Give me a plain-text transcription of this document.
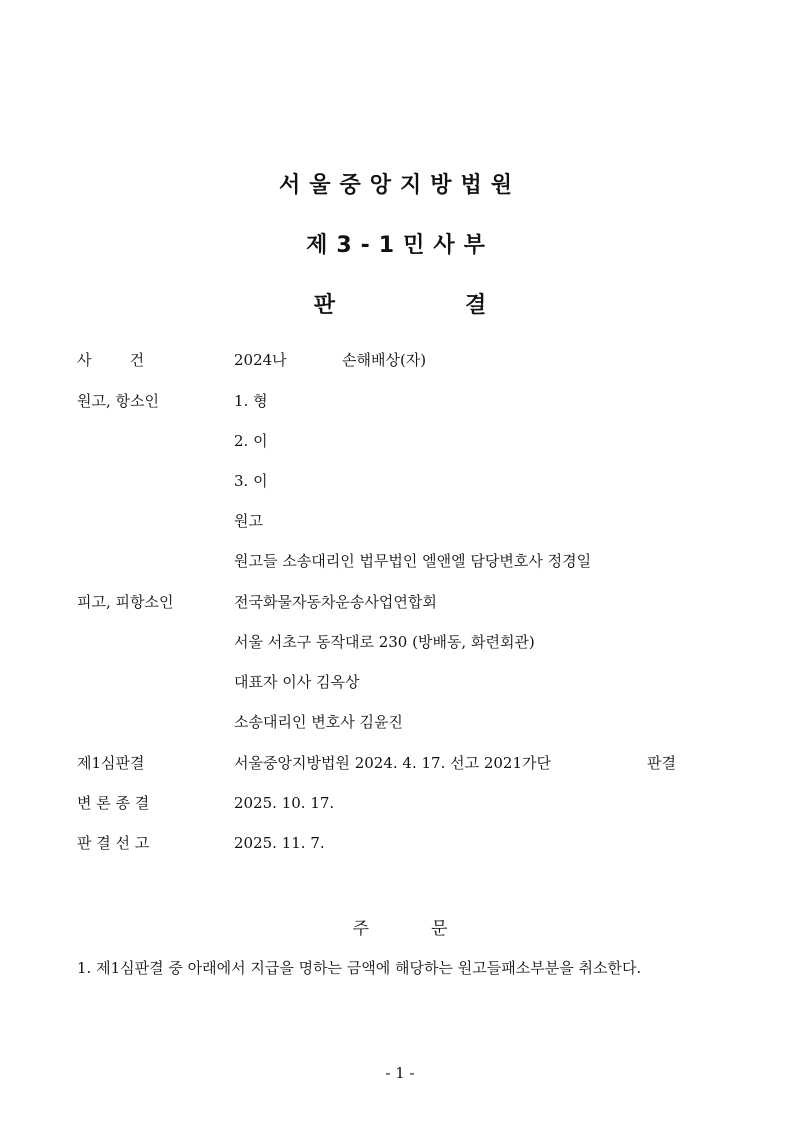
서울중앙지방법원
제3-1민사부
판	결
사        건	2024나	손해배상(자)
원고, 항소인	1. 형
2. 이
3. 이
원고
원고들 소송대리인 법무법인 엘앤엘 담당변호사 정경일
피고, 피항소인	전국화물자동차운송사업연합회
서울 서초구 동작대로 230 (방배동, 화련회관)
대표자 이사 김옥상
소송대리인 변호사 김윤진
제1심판결	서울중앙지방법원 2024. 4. 17. 선고 2021가단	판결
변 론 종 결	2025. 10. 17.
판 결 선 고	2025. 11. 7.
주	문
1. 제1심판결 중 아래에서 지급을 명하는 금액에 해당하는 원고들패소부분을 취소한다.
- 1 -
